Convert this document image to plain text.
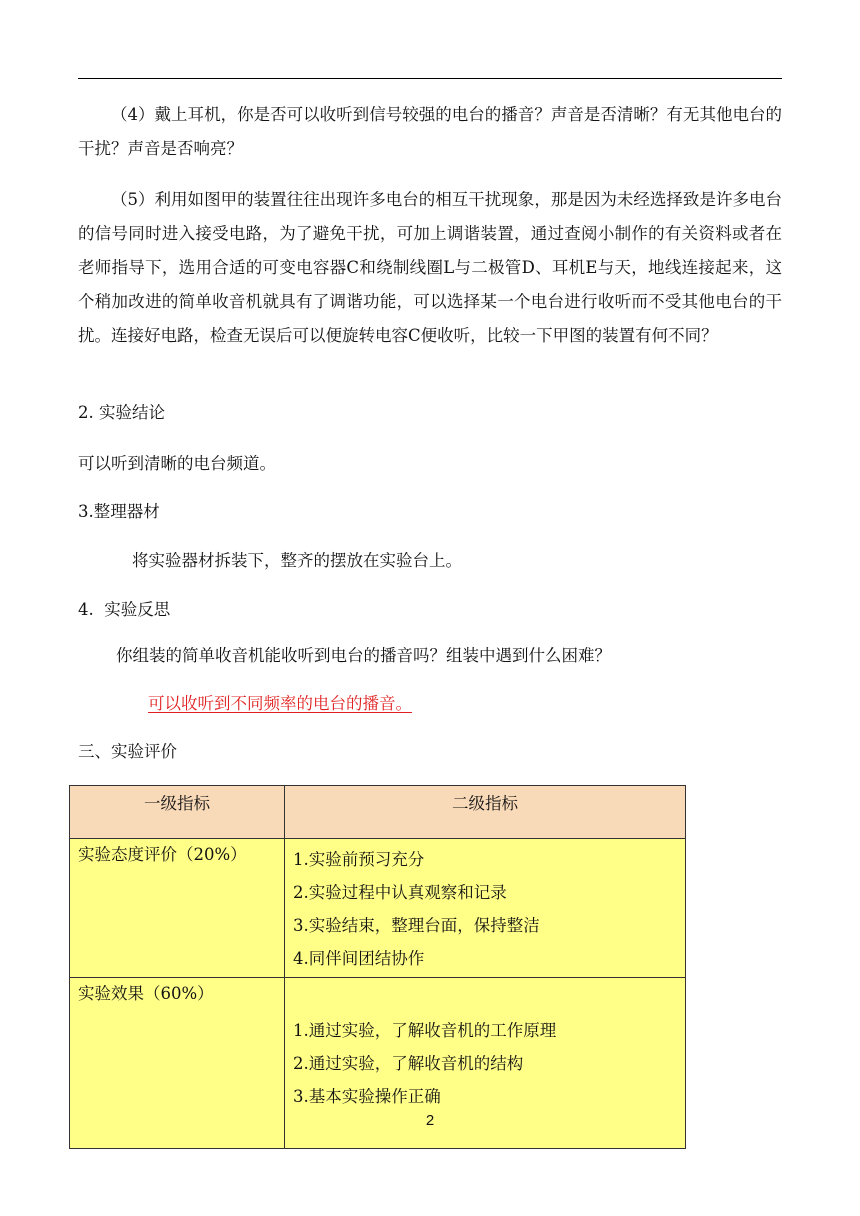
（4）戴上耳机，你是否可以收听到信号较强的电台的播音？声音是否清晰？有无其他电台的干扰？声音是否响亮？

（5）利用如图甲的装置往往出现许多电台的相互干扰现象，那是因为未经选择致是许多电台的信号同时进入接受电路，为了避免干扰，可加上调谐装置，通过查阅小制作的有关资料或者在老师指导下，选用合适的可变电容器C和绕制线圈L与二极管D、耳机E与天，地线连接起来，这个稍加改进的简单收音机就具有了调谐功能，可以选择某一个电台进行收听而不受其他电台的干扰。连接好电路，检查无误后可以便旋转电容C便收听，比较一下甲图的装置有何不同？

2. 实验结论

可以听到清晰的电台频道。

3.整理器材

将实验器材拆装下，整齐的摆放在实验台上。

4.  实验反思

你组装的简单收音机能收听到电台的播音吗？组装中遇到什么困难？

可以收听到不同频率的电台的播音。

三、实验评价

一级指标	二级指标
实验态度评价（20%）	1.实验前预习充分
2.实验过程中认真观察和记录
3.实验结束，整理台面，保持整洁
4.同伴间团结协作

实验效果（60%）	1.通过实验，了解收音机的工作原理
2.通过实验，了解收音机的结构
3.基本实验操作正确
2
